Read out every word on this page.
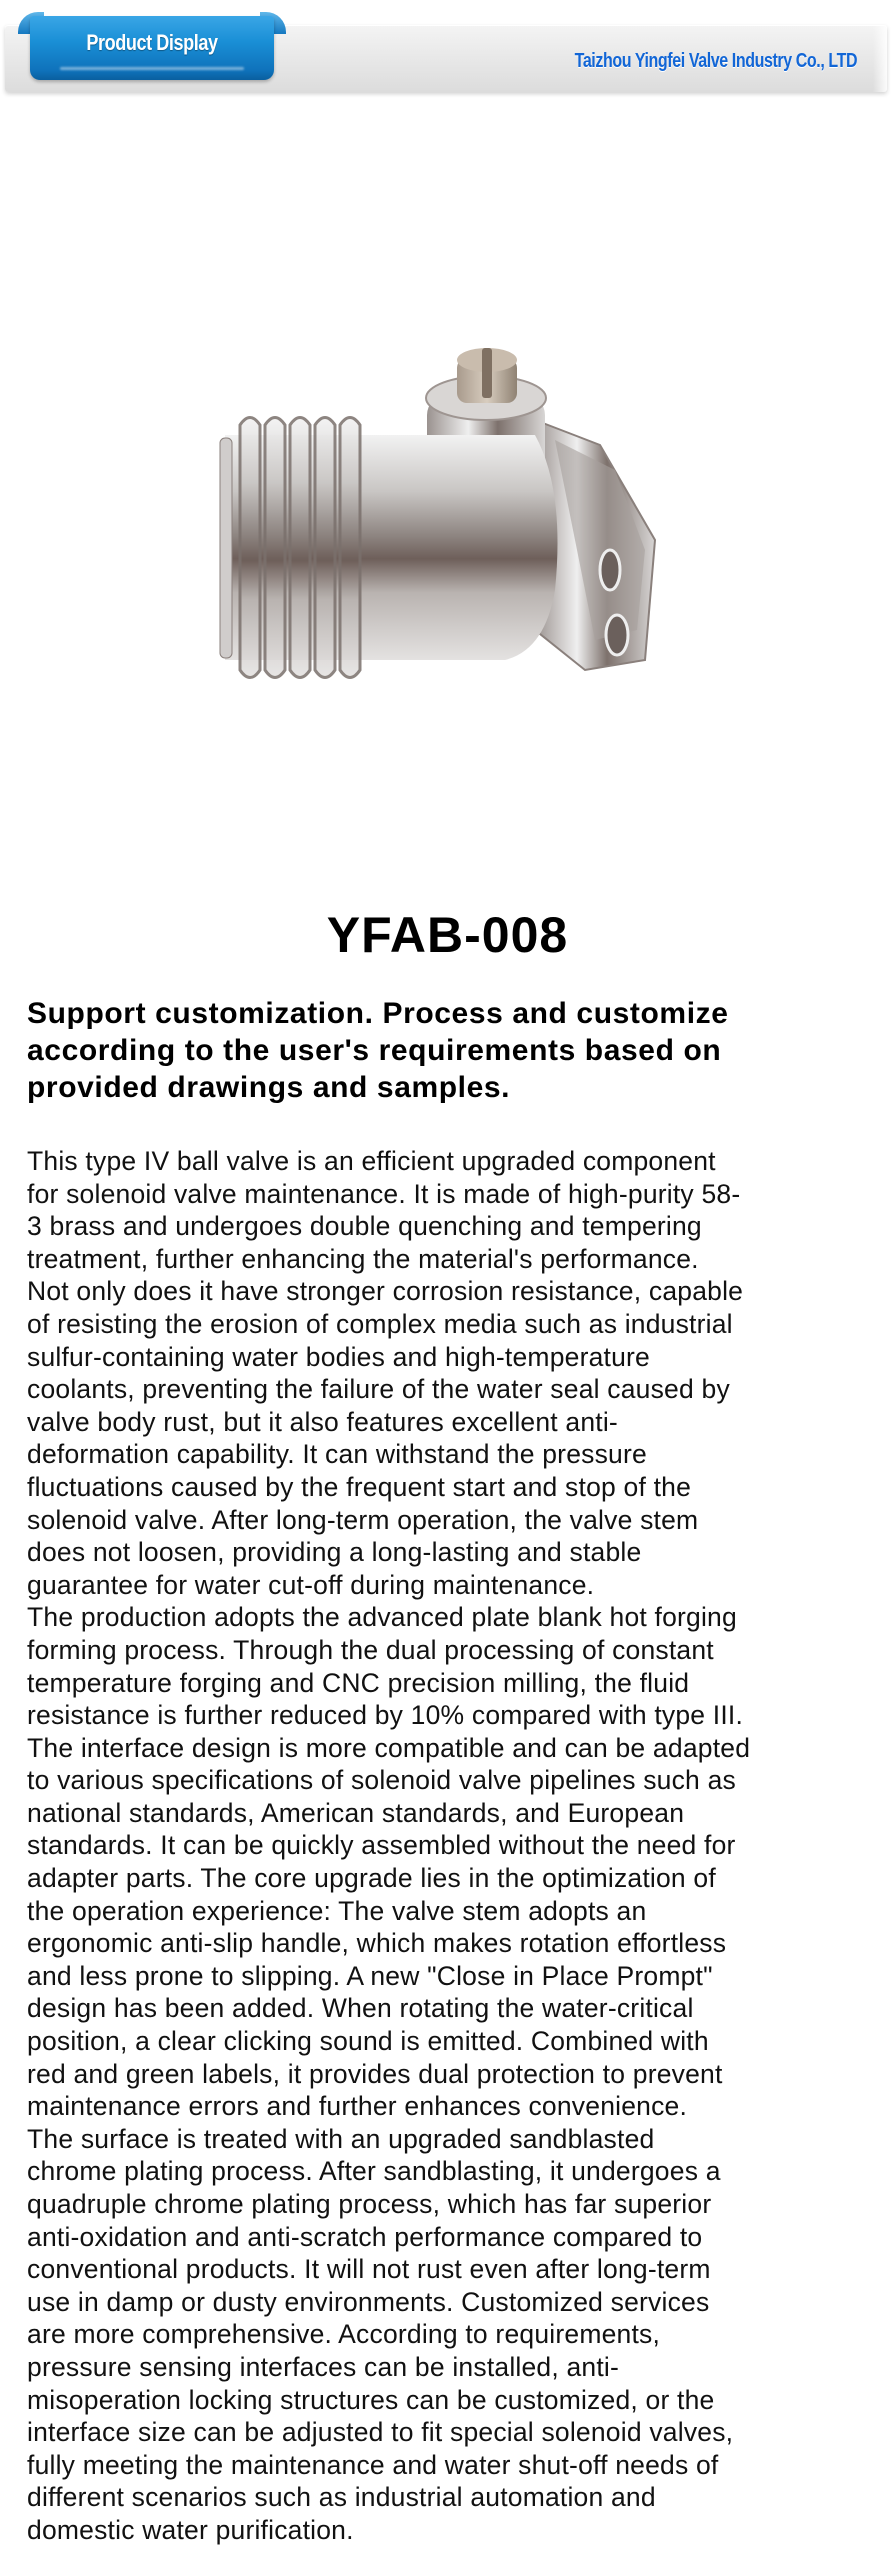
Taizhou Yingfei Valve Industry Co., LTD
Product Display
YFAB-008
Support customization. Process and customize
according to the user's requirements based on
provided drawings and samples.
This type IV ball valve is an efficient upgraded component
for solenoid valve maintenance. It is made of high-purity 58-
3 brass and undergoes double quenching and tempering
treatment, further enhancing the material's performance.
Not only does it have stronger corrosion resistance, capable
of resisting the erosion of complex media such as industrial
sulfur-containing water bodies and high-temperature
coolants, preventing the failure of the water seal caused by
valve body rust, but it also features excellent anti-
deformation capability. It can withstand the pressure
fluctuations caused by the frequent start and stop of the
solenoid valve. After long-term operation, the valve stem
does not loosen, providing a long-lasting and stable
guarantee for water cut-off during maintenance.
The production adopts the advanced plate blank hot forging
forming process. Through the dual processing of constant
temperature forging and CNC precision milling, the fluid
resistance is further reduced by 10% compared with type III.
The interface design is more compatible and can be adapted
to various specifications of solenoid valve pipelines such as
national standards, American standards, and European
standards. It can be quickly assembled without the need for
adapter parts. The core upgrade lies in the optimization of
the operation experience: The valve stem adopts an
ergonomic anti-slip handle, which makes rotation effortless
and less prone to slipping. A new "Close in Place Prompt"
design has been added. When rotating the water-critical
position, a clear clicking sound is emitted. Combined with
red and green labels, it provides dual protection to prevent
maintenance errors and further enhances convenience.
The surface is treated with an upgraded sandblasted
chrome plating process. After sandblasting, it undergoes a
quadruple chrome plating process, which has far superior
anti-oxidation and anti-scratch performance compared to
conventional products. It will not rust even after long-term
use in damp or dusty environments. Customized services
are more comprehensive. According to requirements,
pressure sensing interfaces can be installed, anti-
misoperation locking structures can be customized, or the
interface size can be adjusted to fit special solenoid valves,
fully meeting the maintenance and water shut-off needs of
different scenarios such as industrial automation and
domestic water purification.
